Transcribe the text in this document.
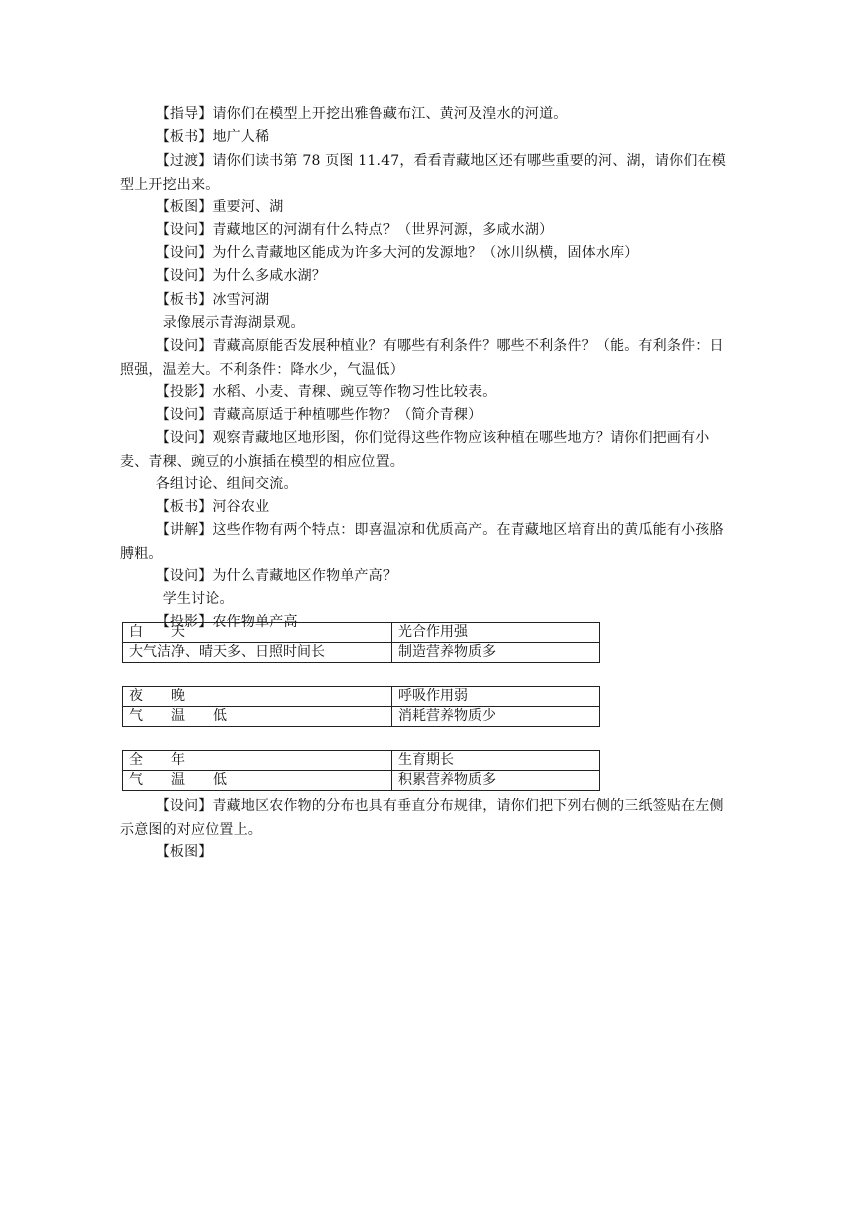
【指导】请你们在模型上开挖出雅鲁藏布江、黄河及湟水的河道。

【板书】地广人稀

【过渡】请你们读书第 78 页图 11.47，看看青藏地区还有哪些重要的河、湖，请你们在模型上开挖出来。

【板图】重要河、湖

【设问】青藏地区的河湖有什么特点？（世界河源，多咸水湖）

【设问】为什么青藏地区能成为许多大河的发源地？（冰川纵横，固体水库）

【设问】为什么多咸水湖？

【板书】冰雪河湖

录像展示青海湖景观。

【设问】青藏高原能否发展种植业？有哪些有利条件？哪些不利条件？（能。有利条件：日照强，温差大。不利条件：降水少，气温低）

【投影】水稻、小麦、青稞、豌豆等作物习性比较表。

【设问】青藏高原适于种植哪些作物？（简介青稞）

【设问】观察青藏地区地形图，你们觉得这些作物应该种植在哪些地方？请你们把画有小麦、青稞、豌豆的小旗插在模型的相应位置。

各组讨论、组间交流。

【板书】河谷农业

【讲解】这些作物有两个特点：即喜温凉和优质高产。在青藏地区培育出的黄瓜能有小孩胳膊粗。

【设问】为什么青藏地区作物单产高？

学生讨论。

【投影】农作物单产高

白　　天	光合作用强
大气洁净、晴天多、日照时间长	制造营养物质多
夜　　晚	呼吸作用弱
气　　温　　低	消耗营养物质少
全　　年	生育期长
气　　温　　低	积累营养物质多

【设问】青藏地区农作物的分布也具有垂直分布规律，请你们把下列右侧的三纸签贴在左侧示意图的对应位置上。

【板图】
